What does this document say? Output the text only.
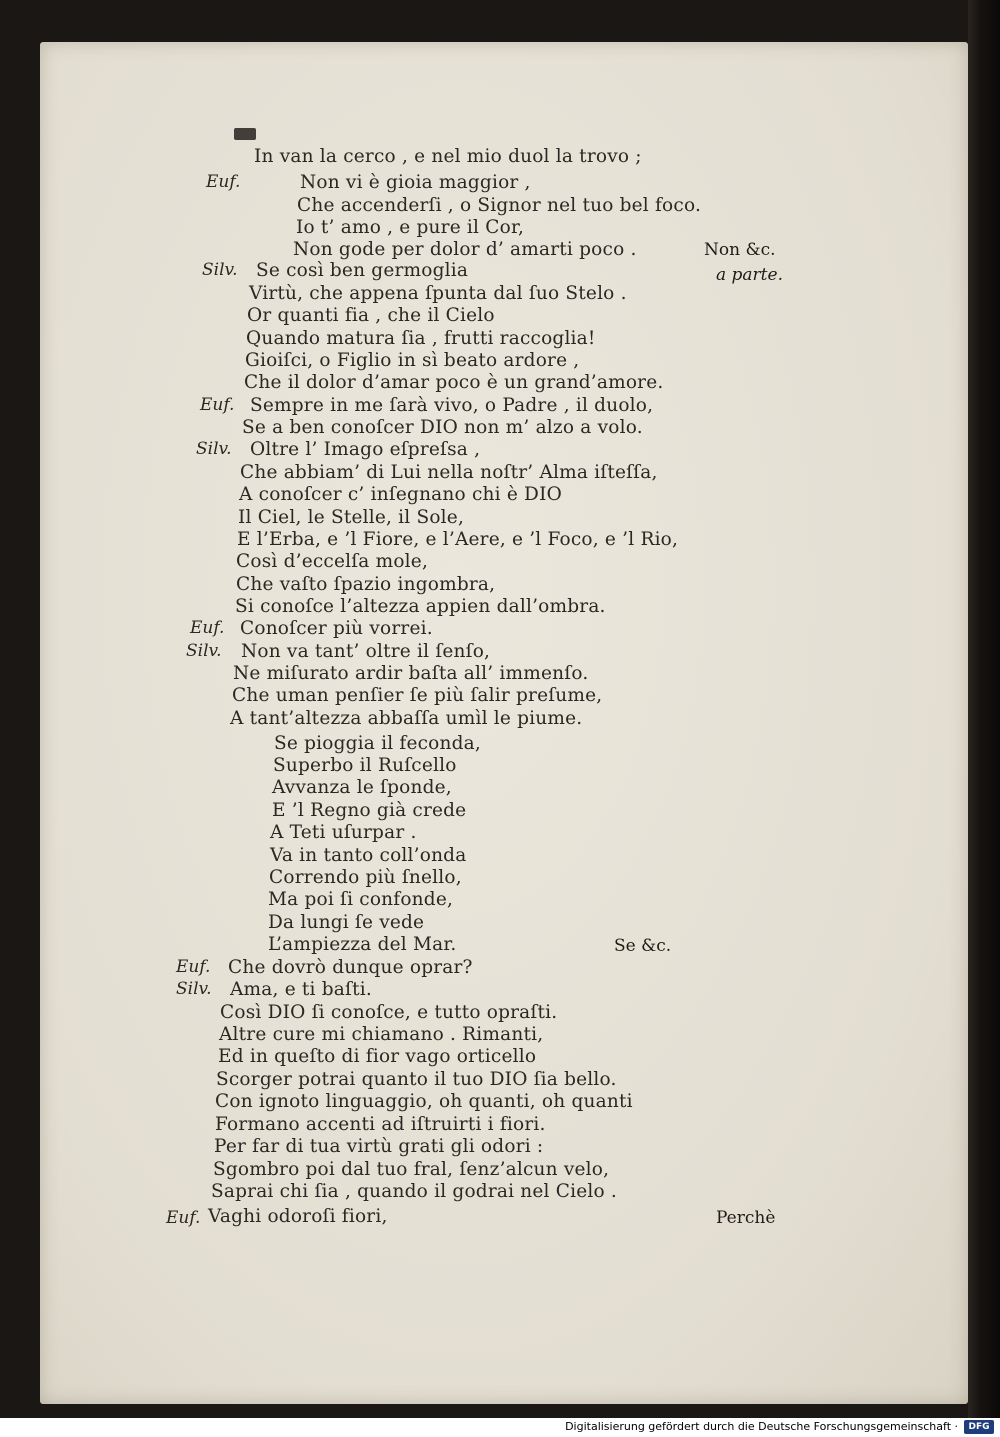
In van la cerco , e nel mio duol la trovo ;
Non vi è gioia maggior ,
Che accenderſi , o Signor nel tuo bel foco.
Io t’ amo , e pure il Cor,
Non gode per dolor d’ amarti poco .
Se così ben germoglia
Virtù, che appena ſpunta dal ſuo Stelo .
Or quanti fia , che il Cielo
Quando matura ſia , frutti raccoglia!
Gioiſci, o Figlio in sì beato ardore ,
Che il dolor d’amar poco è un grand’amore.
Sempre in me ſarà vivo, o Padre , il duolo,
Se a ben conoſcer DIO non m’ alzo a volo.
Oltre l’ Imago eſpreſsa ,
Che abbiam’ di Lui nella noſtr’ Alma iſteſſa,
A conoſcer c’ inſegnano chi è DIO
Il Ciel, le Stelle, il Sole,
E l’Erba, e ’l Fiore, e l’Aere, e ’l Foco, e ’l Rio,
Così d’eccelſa mole,
Che vaſto ſpazio ingombra,
Si conoſce l’altezza appien dall’ombra.
Conoſcer più vorrei.
Non va tant’ oltre il ſenſo,
Ne miſurato ardir baſta all’ immenſo.
Che uman penſier ſe più ſalir preſume,
A tant’altezza abbaſſa umìl le piume.
Se pioggia il feconda,
Superbo il Ruſcello
Avvanza le ſponde,
E ’l Regno già crede
A Teti uſurpar .
Va in tanto coll’onda
Correndo più ſnello,
Ma poi ſi confonde,
Da lungi ſe vede
L’ampiezza del Mar.
Che dovrò dunque oprar?
Ama, e ti baſti.
Così DIO ſi conoſce, e tutto opraſti.
Altre cure mi chiamano . Rimanti,
Ed in queſto di fior vago orticello
Scorger potrai quanto il tuo DIO ſia bello.
Con ignoto linguaggio, oh quanti, oh quanti
Formano accenti ad iſtruirti i fiori.
Per far di tua virtù grati gli odori :
Sgombro poi dal tuo fral, ſenz’alcun velo,
Saprai chi ſia , quando il godrai nel Cielo .
Vaghi odoroſi fiori,
Euf.
Silv.
Euf.
Silv.
Euf.
Silv.
Euf.
Silv.
Euf.
Non &c.
a parte.
Se &c.
Perchè
Digitalisierung gefördert durch die Deutsche Forschungsgemeinschaft ·	DFG
